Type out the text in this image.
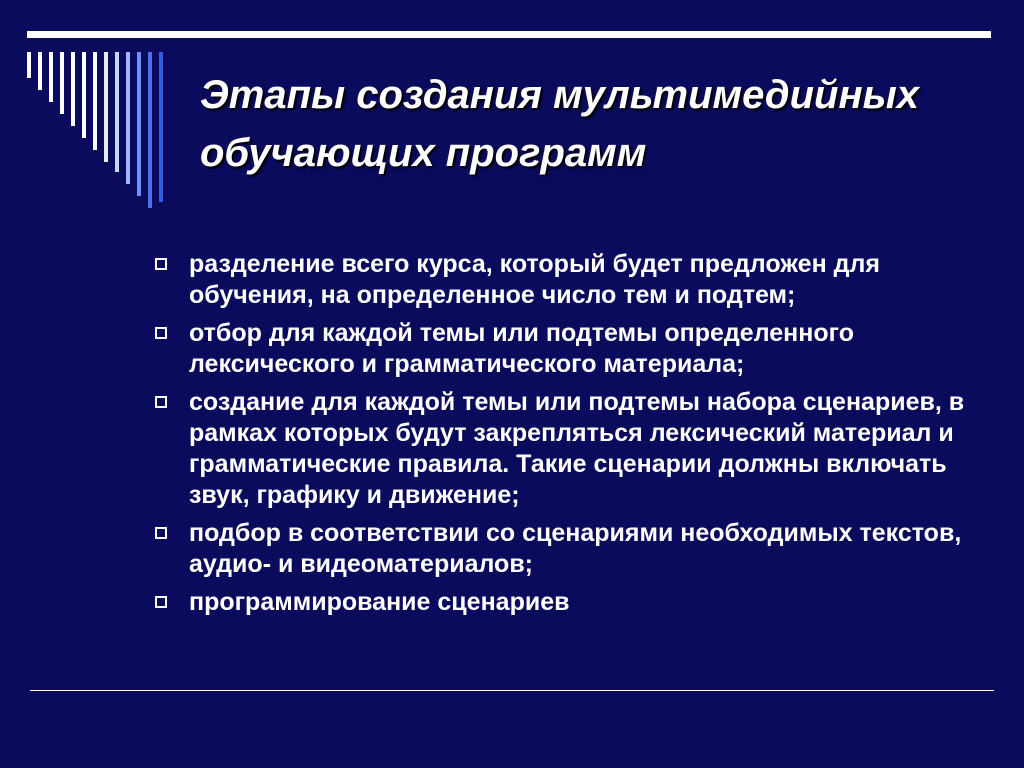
Этапы создания мультимедийных
обучающих программ
разделение всего курса, который будет предложен для обучения, на определенное число тем и подтем;
отбор для каждой темы или подтемы определенного лексического и грамматического материала;
создание для каждой темы или подтемы набора сценариев, в рамках которых будут закрепляться лексический материал и грамматические правила. Такие сценарии должны включать звук, графику и движение;
подбор в соответствии со сценариями необходимых текстов, аудио- и видеоматериалов;
программирование сценариев
